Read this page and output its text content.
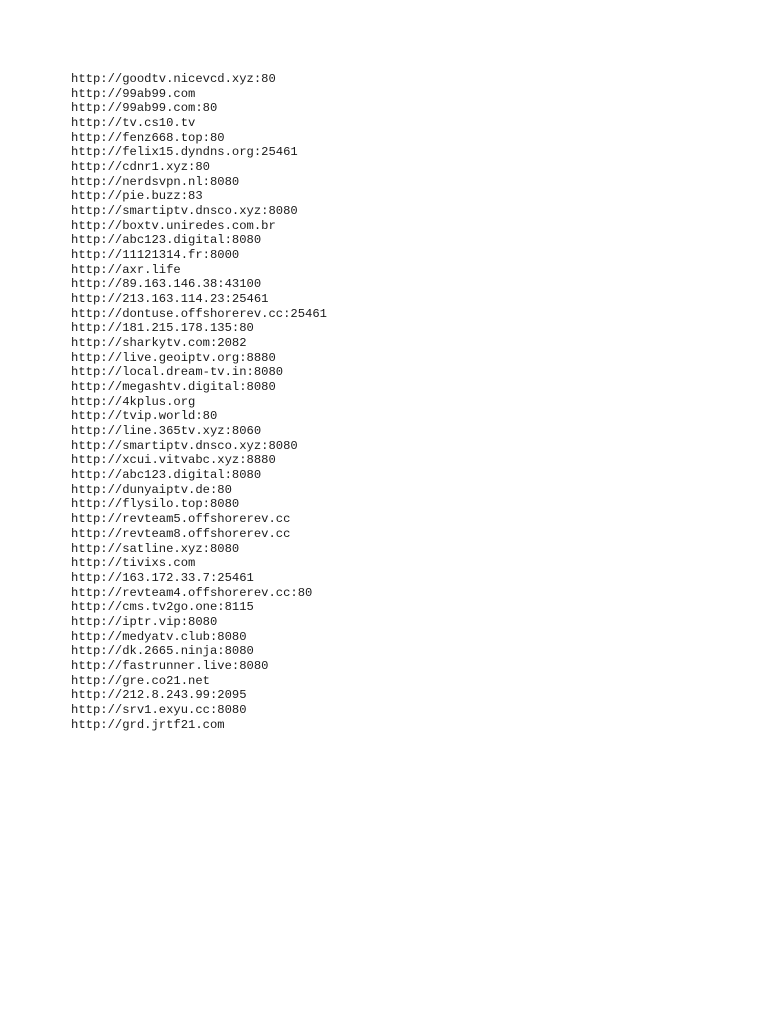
http://goodtv.nicevcd.xyz:80
http://99ab99.com
http://99ab99.com:80
http://tv.cs10.tv
http://fenz668.top:80
http://felix15.dyndns.org:25461
http://cdnr1.xyz:80
http://nerdsvpn.nl:8080
http://pie.buzz:83
http://smartiptv.dnsco.xyz:8080
http://boxtv.uniredes.com.br
http://abc123.digital:8080
http://11121314.fr:8000
http://axr.life
http://89.163.146.38:43100
http://213.163.114.23:25461
http://dontuse.offshorerev.cc:25461
http://181.215.178.135:80
http://sharkytv.com:2082
http://live.geoiptv.org:8880
http://local.dream-tv.in:8080
http://megashtv.digital:8080
http://4kplus.org
http://tvip.world:80
http://line.365tv.xyz:8060
http://smartiptv.dnsco.xyz:8080
http://xcui.vitvabc.xyz:8880
http://abc123.digital:8080
http://dunyaiptv.de:80
http://flysilo.top:8080
http://revteam5.offshorerev.cc
http://revteam8.offshorerev.cc
http://satline.xyz:8080
http://tivixs.com
http://163.172.33.7:25461
http://revteam4.offshorerev.cc:80
http://cms.tv2go.one:8115
http://iptr.vip:8080
http://medyatv.club:8080
http://dk.2665.ninja:8080
http://fastrunner.live:8080
http://gre.co21.net
http://212.8.243.99:2095
http://srv1.exyu.cc:8080
http://grd.jrtf21.com
